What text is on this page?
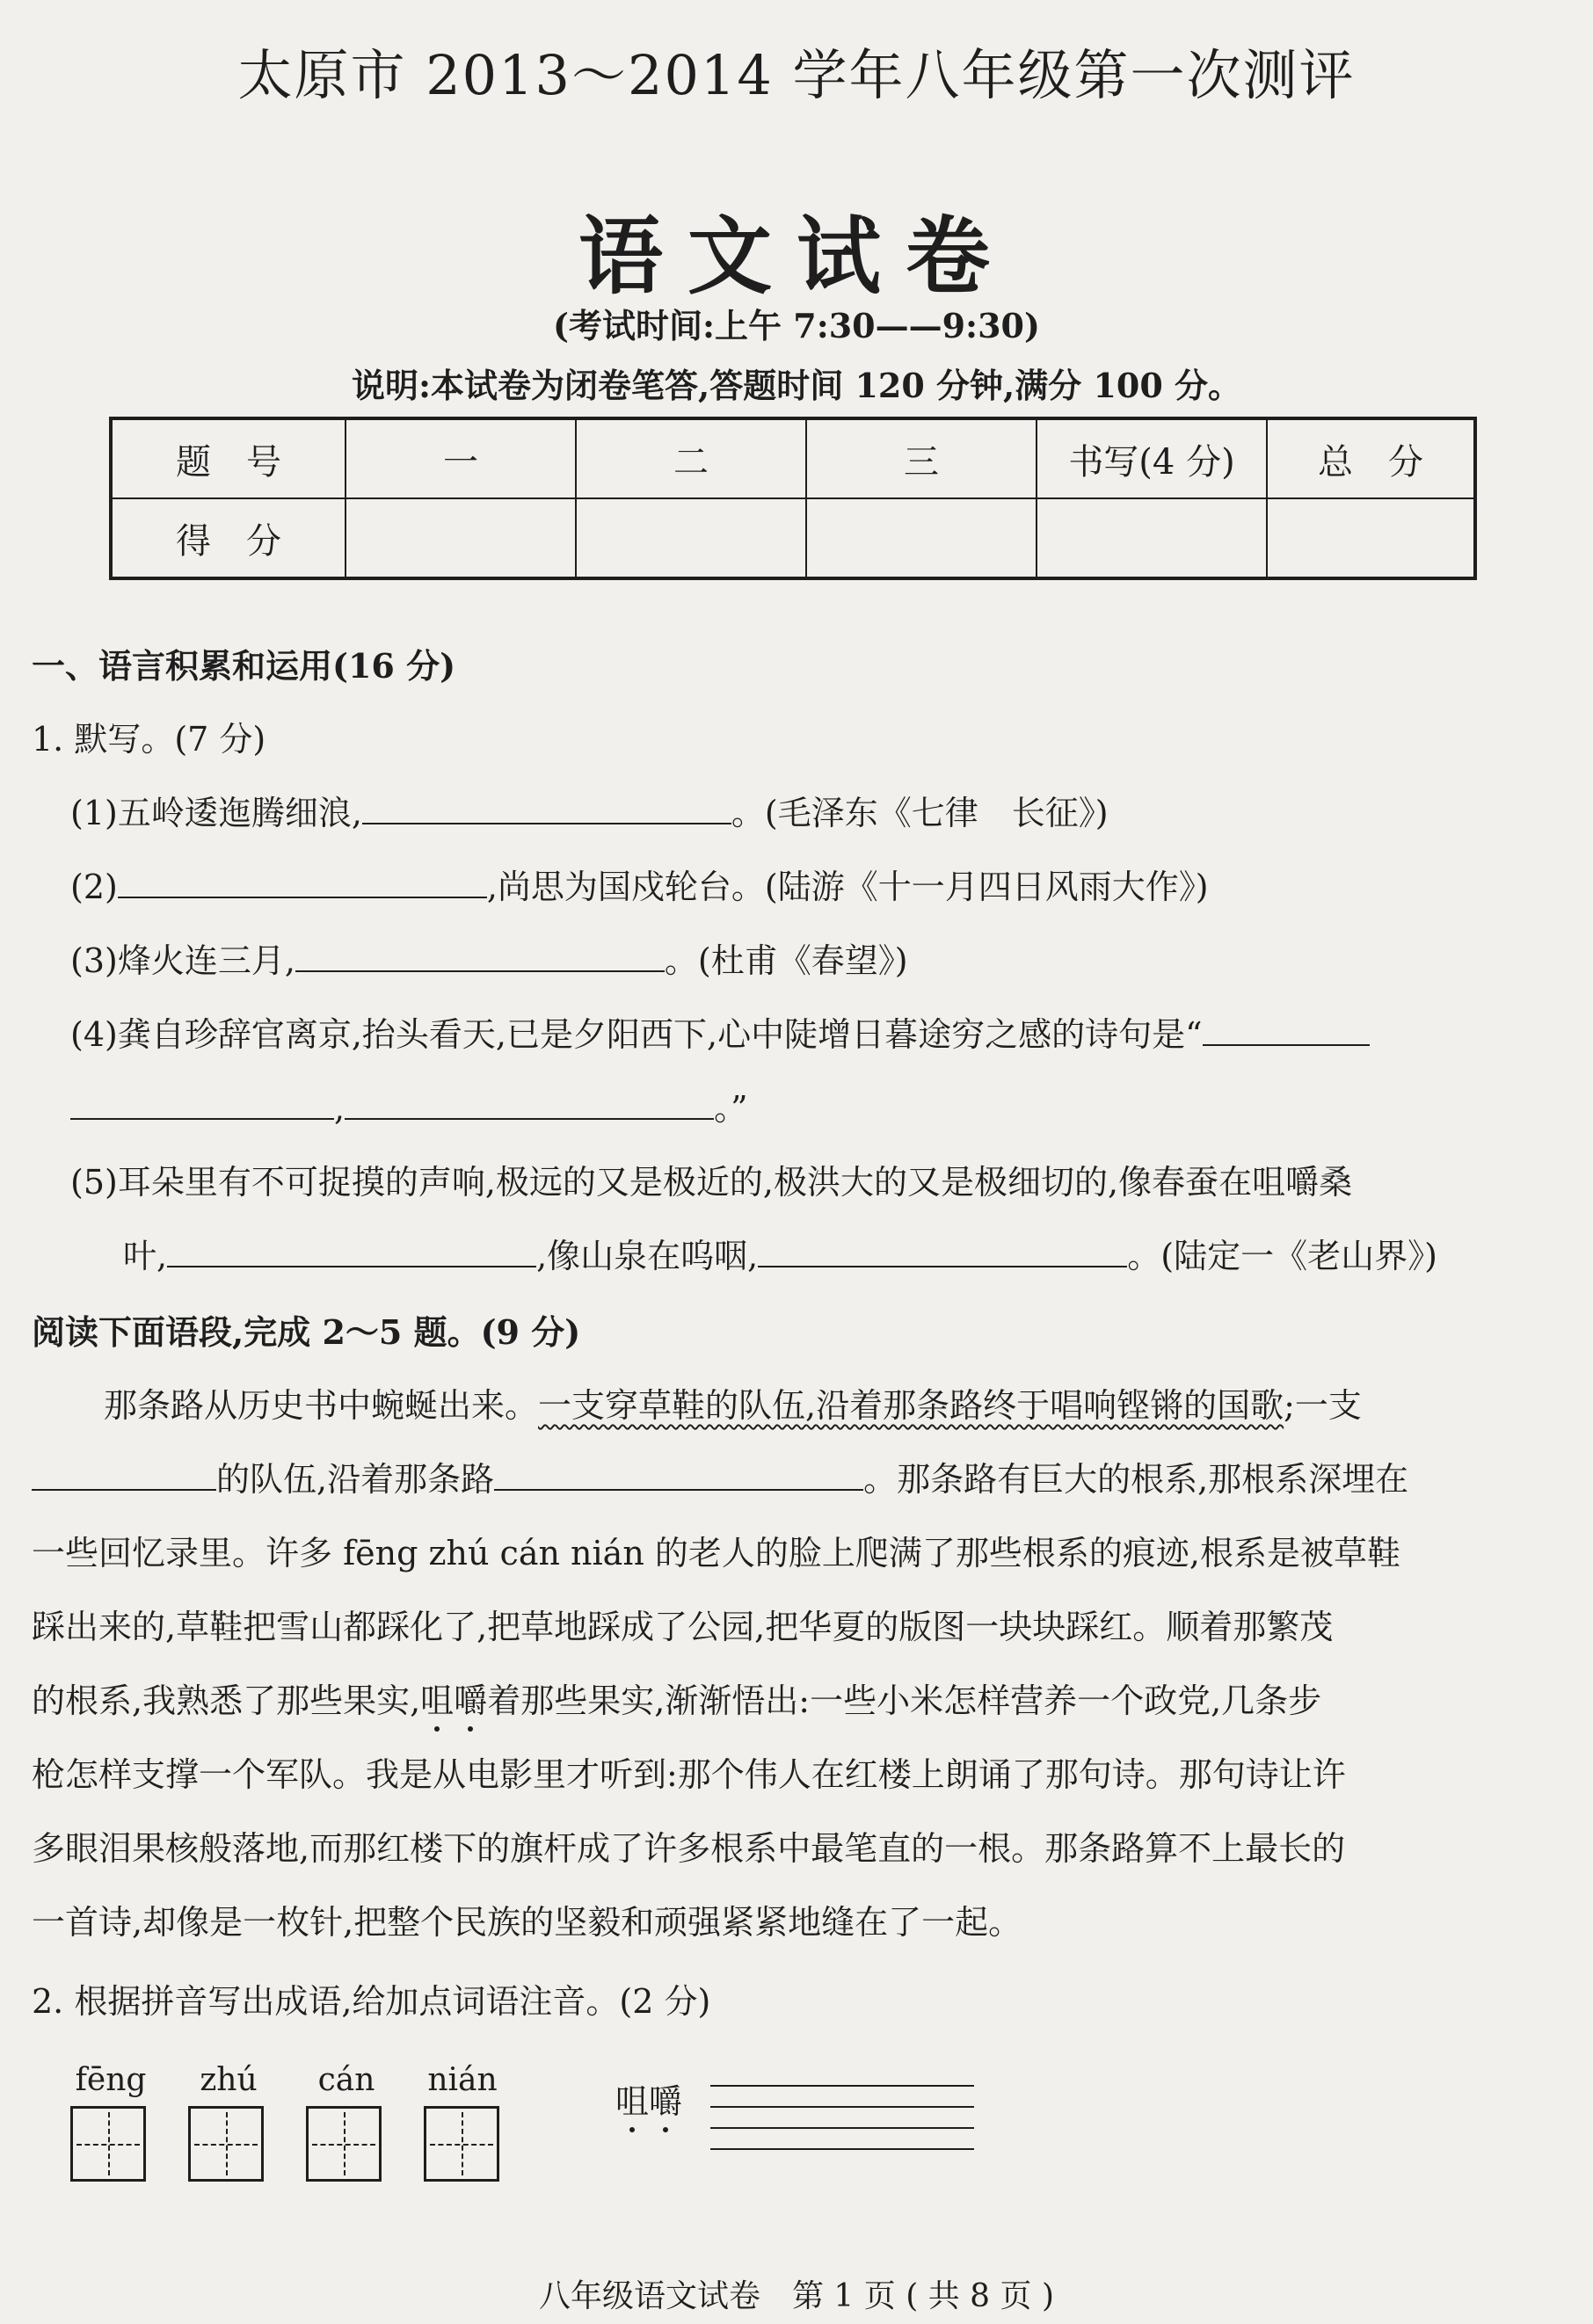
太原市 2013～2014 学年八年级第一次测评
语文试卷
(考试时间:上午 7:30——9:30)
说明:本试卷为闭卷笔答,答题时间 120 分钟,满分 100 分。
题　号	一	二	三	书写(4 分)	总　分
得　分					
一、语言积累和运用(16 分)
1. 默写。(7 分)
(1)五岭逶迤腾细浪,	。(毛泽东《七律　长征》)
(2)	,尚思为国戍轮台。(陆游《十一月四日风雨大作》)
(3)烽火连三月,	。(杜甫《春望》)
(4)龚自珍辞官离京,抬头看天,已是夕阳西下,心中陡增日暮途穷之感的诗句是“
,	。”
(5)耳朵里有不可捉摸的声响,极远的又是极近的,极洪大的又是极细切的,像春蚕在咀嚼桑
叶,	,像山泉在呜咽,	。(陆定一《老山界》)
阅读下面语段,完成 2～5 题。(9 分)
那条路从历史书中蜿蜒出来。一支穿草鞋的队伍,沿着那条路终于唱响铿锵的国歌;一支
的队伍,沿着那条路	。那条路有巨大的根系,那根系深埋在
一些回忆录里。许多 fēng zhú cán nián 的老人的脸上爬满了那些根系的痕迹,根系是被草鞋
踩出来的,草鞋把雪山都踩化了,把草地踩成了公园,把华夏的版图一块块踩红。顺着那繁茂
的根系,我熟悉了那些果实,咀嚼着那些果实,渐渐悟出:一些小米怎样营养一个政党,几条步
枪怎样支撑一个军队。我是从电影里才听到:那个伟人在红楼上朗诵了那句诗。那句诗让许
多眼泪果核般落地,而那红楼下的旗杆成了许多根系中最笔直的一根。那条路算不上最长的
一首诗,却像是一枚针,把整个民族的坚毅和顽强紧紧地缝在了一起。
2. 根据拼音写出成语,给加点词语注音。(2 分)
fēng	zhú	cán	nián
咀嚼
八年级语文试卷　第 1 页 ( 共 8 页 )
